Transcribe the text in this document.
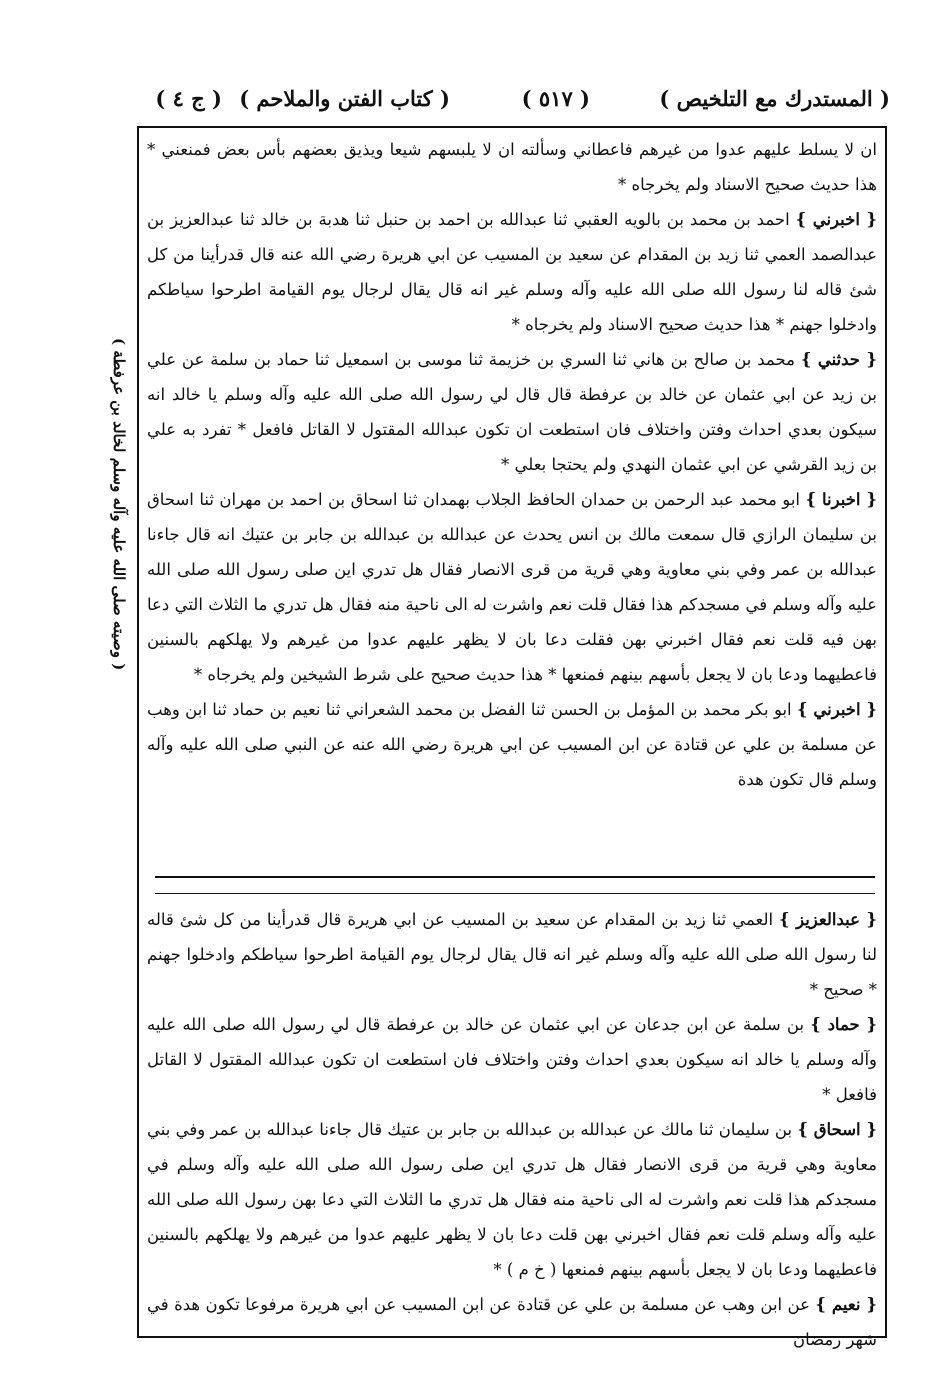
( المستدرك مع التلخيص )
( ٥١٧ )
( كتاب الفتن والملاحم )
( ج ٤ )

ان لا يسلط عليهم عدوا من غيرهم فاعطاني وسألته ان لا يلبسهم شيعا ويذيق بعضهم بأس بعض فمنعني * هذا حديث صحيح الاسناد ولم يخرجاه *

{ اخبرني } احمد بن محمد بن بالويه العقبي ثنا عبدالله بن احمد بن حنبل ثنا هدبة بن خالد ثنا عبدالعزيز بن عبدالصمد العمي ثنا زيد بن المقدام عن سعيد بن المسيب عن ابي هريرة رضي الله عنه قال قدرأينا من كل شئ قاله لنا رسول الله صلى الله عليه وآله وسلم غير انه قال يقال لرجال يوم القيامة اطرحوا سياطكم وادخلوا جهنم * هذا حديث صحيح الاسناد ولم يخرجاه *

{ حدثني } محمد بن صالح بن هاني ثنا السري بن خزيمة ثنا موسى بن اسمعيل ثنا حماد بن سلمة عن علي بن زيد عن ابي عثمان عن خالد بن عرفطة قال قال لي رسول الله صلى الله عليه وآله وسلم يا خالد انه سيكون بعدي احداث وفتن واختلاف فان استطعت ان تكون عبدالله المقتول لا القاتل فافعل * تفرد به علي بن زيد القرشي عن ابي عثمان النهدي ولم يحتجا بعلي *

{ اخبرنا } ابو محمد عبد الرحمن بن حمدان الحافظ الجلاب بهمدان ثنا اسحاق بن احمد بن مهران ثنا اسحاق بن سليمان الرازي قال سمعت مالك بن انس يحدث عن عبدالله بن عبدالله بن جابر بن عتيك انه قال جاءنا عبدالله بن عمر وفي بني معاوية وهي قرية من قرى الانصار فقال هل تدري اين صلى رسول الله صلى الله عليه وآله وسلم في مسجدكم هذا فقال قلت نعم واشرت له الى ناحية منه فقال هل تدري ما الثلاث التي دعا بهن فيه قلت نعم فقال اخبرني بهن فقلت دعا بان لا يظهر عليهم عدوا من غيرهم ولا يهلكهم بالسنين فاعطيهما ودعا بان لا يجعل بأسهم بينهم فمنعها * هذا حديث صحيح على شرط الشيخين ولم يخرجاه *

{ اخبرني } ابو بكر محمد بن المؤمل بن الحسن ثنا الفضل بن محمد الشعراني ثنا نعيم بن حماد ثنا ابن وهب عن مسلمة بن علي عن قتادة عن ابن المسيب عن ابي هريرة رضي الله عنه عن النبي صلى الله عليه وآله وسلم قال تكون هدة

{ عبدالعزيز } العمي ثنا زيد بن المقدام عن سعيد بن المسيب عن ابي هريرة قال قدرأينا من كل شئ قاله لنا رسول الله صلى الله عليه وآله وسلم غير انه قال يقال لرجال يوم القيامة اطرحوا سياطكم وادخلوا جهنم * صحيح *

{ حماد } بن سلمة عن ابن جدعان عن ابي عثمان عن خالد بن عرفطة قال لي رسول الله صلى الله عليه وآله وسلم يا خالد انه سيكون بعدي احداث وفتن واختلاف فان استطعت ان تكون عبدالله المقتول لا القاتل فافعل *

{ اسحاق } بن سليمان ثنا مالك عن عبدالله بن عبدالله بن جابر بن عتيك قال جاءنا عبدالله بن عمر وفي بني معاوية وهي قرية من قرى الانصار فقال هل تدري اين صلى رسول الله صلى الله عليه وآله وسلم في مسجدكم هذا قلت نعم واشرت له الى ناحية منه فقال هل تدري ما الثلاث التي دعا بهن رسول الله صلى الله عليه وآله وسلم قلت نعم فقال اخبرني بهن قلت دعا بان لا يظهر عليهم عدوا من غيرهم ولا يهلكهم بالسنين فاعطيهما ودعا بان لا يجعل بأسهم بينهم فمنعها ( خ م ) *

{ نعيم } عن ابن وهب عن مسلمة بن علي عن قتادة عن ابن المسيب عن ابي هريرة مرفوعا تكون هدة في شهر رمضان

( وصيته صلى الله عليه وآله وسلم لخالد بن عرفطة )
